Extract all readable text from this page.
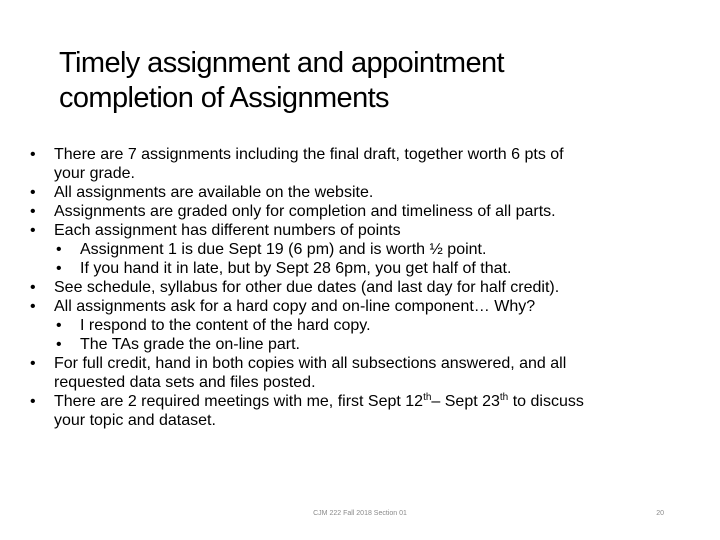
Timely assignment and appointment
completion of Assignments
• There are 7 assignments including the final draft, together worth 6 pts of
your grade.
• All assignments are available on the website.
• Assignments are graded only for completion and timeliness of all parts.
• Each assignment has different numbers of points
• Assignment 1 is due Sept 19 (6 pm) and is worth ½ point.
• If you hand it in late, but by Sept 28 6pm, you get half of that.
• See schedule, syllabus for other due dates (and last day for half credit).
• All assignments ask for a hard copy and on-line component… Why?
• I respond to the content of the hard copy.
• The TAs grade the on-line part.
• For full credit, hand in both copies with all subsections answered, and all
requested data sets and files posted.
• There are 2 required meetings with me, first Sept 12th– Sept 23th to discuss
your topic and dataset.
CJM 222 Fall 2018 Section 01	20
